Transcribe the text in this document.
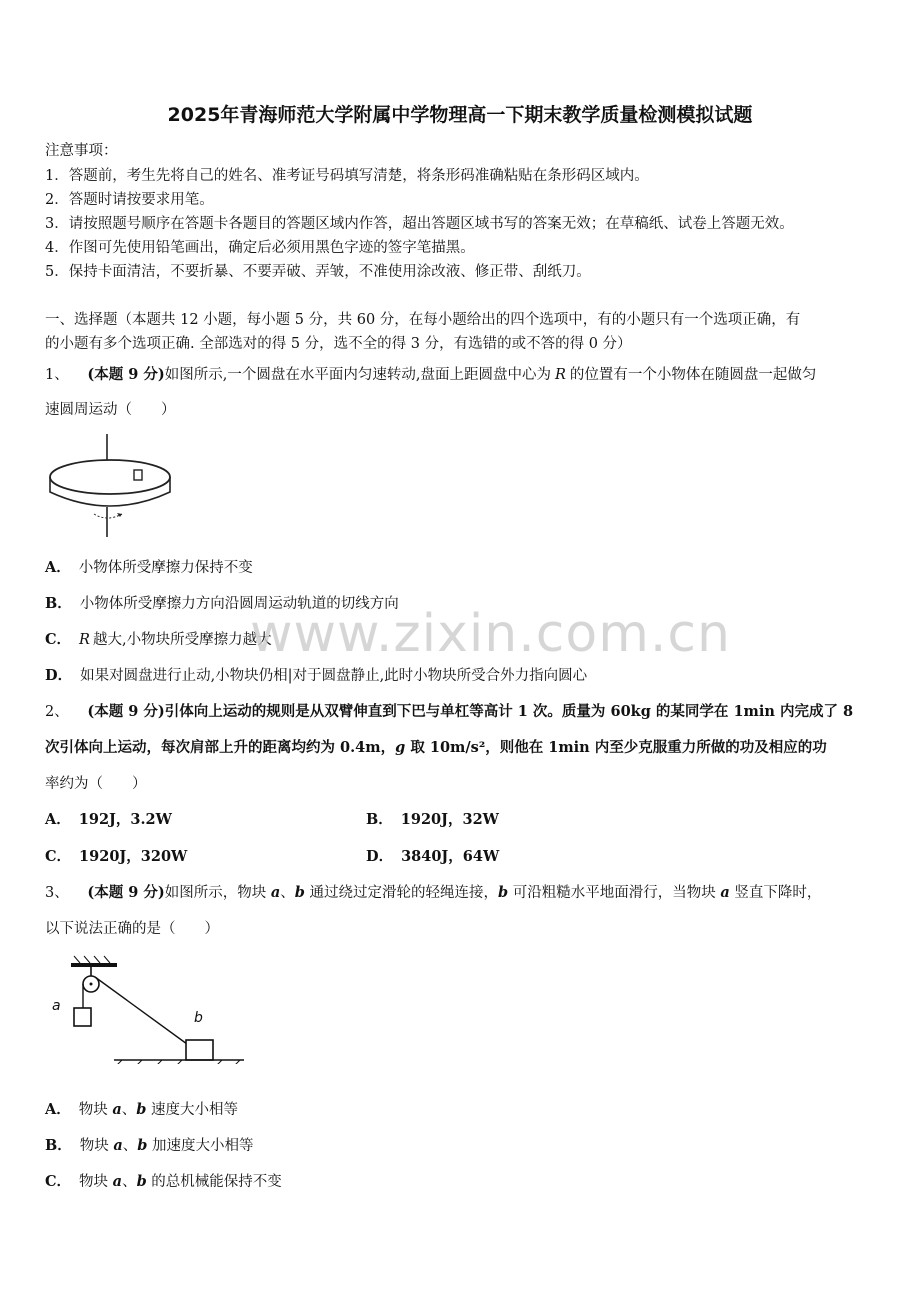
2025年青海师范大学附属中学物理高一下期末教学质量检测模拟试题
注意事项：
1．答题前，考生先将自己的姓名、准考证号码填写清楚，将条形码准确粘贴在条形码区域内。
2．答题时请按要求用笔。
3．请按照题号顺序在答题卡各题目的答题区域内作答，超出答题区域书写的答案无效；在草稿纸、试卷上答题无效。
4．作图可先使用铅笔画出，确定后必须用黑色字迹的签字笔描黑。
5．保持卡面清洁，不要折暴、不要弄破、弄皱，不准使用涂改液、修正带、刮纸刀。
一、选择题（本题共 12 小题，每小题 5 分，共 60 分，在每小题给出的四个选项中，有的小题只有一个选项正确，有
的小题有多个选项正确. 全部选对的得 5 分，选不全的得 3 分，有选错的或不答的得 0 分）
1、 (本题 9 分)如图所示,一个圆盘在水平面内匀速转动,盘面上距圆盘中心为 R 的位置有一个小物体在随圆盘一起做匀
速圆周运动（　　）
A． 小物体所受摩擦力保持不变
B． 小物体所受摩擦力方向沿圆周运动轨道的切线方向
C． R 越大,小物块所受摩擦力越大
D． 如果对圆盘进行止动,小物块仍相|对于圆盘静止,此时小物块所受合外力指向圆心
www.zixin.com.cn
2、 (本题 9 分)引体向上运动的规则是从双臂伸直到下巴与单杠等高计 1 次。质量为 60kg 的某同学在 1min 内完成了 8
次引体向上运动，每次肩部上升的距离均约为 0.4m，g 取 10m/s²，则他在 1min 内至少克服重力所做的功及相应的功
率约为（　　）
A． 192J，3.2W	B． 1920J，32W
C． 1920J，320W	D． 3840J，64W
3、 (本题 9 分)如图所示，物块 a、b 通过绕过定滑轮的轻绳连接，b 可沿粗糙水平地面滑行，当物块 a 竖直下降时，
以下说法正确的是（　　）
a
b
A． 物块 a、b 速度大小相等
B． 物块 a、b 加速度大小相等
C． 物块 a、b 的总机械能保持不变
